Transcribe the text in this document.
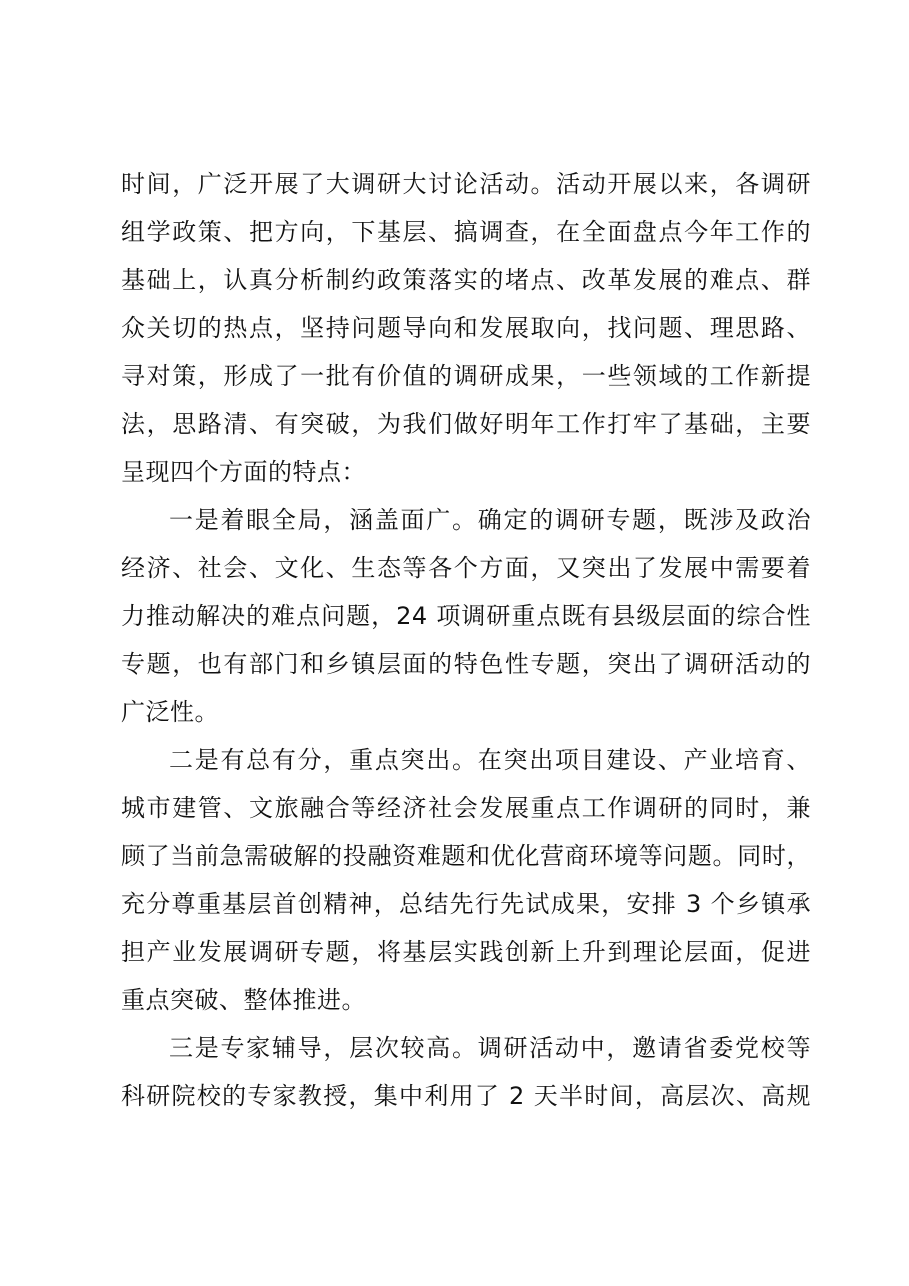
时间，广泛开展了大调研大讨论活动。活动开展以来，各调研
组学政策、把方向，下基层、搞调查，在全面盘点今年工作的
基础上，认真分析制约政策落实的堵点、改革发展的难点、群
众关切的热点，坚持问题导向和发展取向，找问题、理思路、
寻对策，形成了一批有价值的调研成果，一些领域的工作新提
法，思路清、有突破，为我们做好明年工作打牢了基础，主要
呈现四个方面的特点：
一是着眼全局，涵盖面广。确定的调研专题，既涉及政治
经济、社会、文化、生态等各个方面，又突出了发展中需要着
力推动解决的难点问题，24 项调研重点既有县级层面的综合性
专题，也有部门和乡镇层面的特色性专题，突出了调研活动的
广泛性。
二是有总有分，重点突出。在突出项目建设、产业培育、
城市建管、文旅融合等经济社会发展重点工作调研的同时，兼
顾了当前急需破解的投融资难题和优化营商环境等问题。同时，
充分尊重基层首创精神，总结先行先试成果，安排 3 个乡镇承
担产业发展调研专题，将基层实践创新上升到理论层面，促进
重点突破、整体推进。
三是专家辅导，层次较高。调研活动中，邀请省委党校等
科研院校的专家教授，集中利用了 2 天半时间，高层次、高规
